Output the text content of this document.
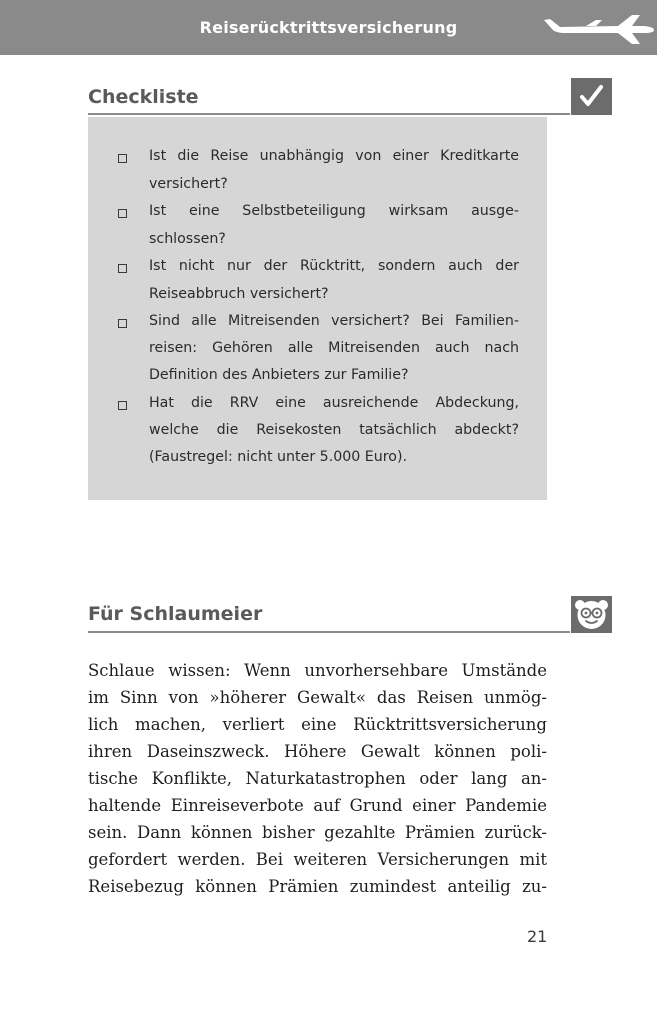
Reiserücktrittsversicherung
Checkliste
Ist die Reise unabhängig von einer Kreditkarte
versichert?
Ist eine Selbstbeteiligung wirksam ausge-
schlossen?
Ist nicht nur der Rücktritt, sondern auch der
Reiseabbruch versichert?
Sind alle Mitreisenden versichert? Bei Familien-
reisen: Gehören alle Mitreisenden auch nach
Definition des Anbieters zur Familie?
Hat die RRV eine ausreichende Abdeckung,
welche die Reisekosten tatsächlich abdeckt?
(Faustregel: nicht unter 5.000 Euro).
Für Schlaumeier
Schlaue wissen: Wenn unvorhersehbare Umstände
im Sinn von »höherer Gewalt« das Reisen unmög-
lich machen, verliert eine Rücktrittsversicherung
ihren Daseinszweck. Höhere Gewalt können poli-
tische Konflikte, Naturkatastrophen oder lang an-
haltende Einreiseverbote auf Grund einer Pandemie
sein. Dann können bisher gezahlte Prämien zurück-
gefordert werden. Bei weiteren Versicherungen mit
Reisebezug können Prämien zumindest anteilig zu-
21
